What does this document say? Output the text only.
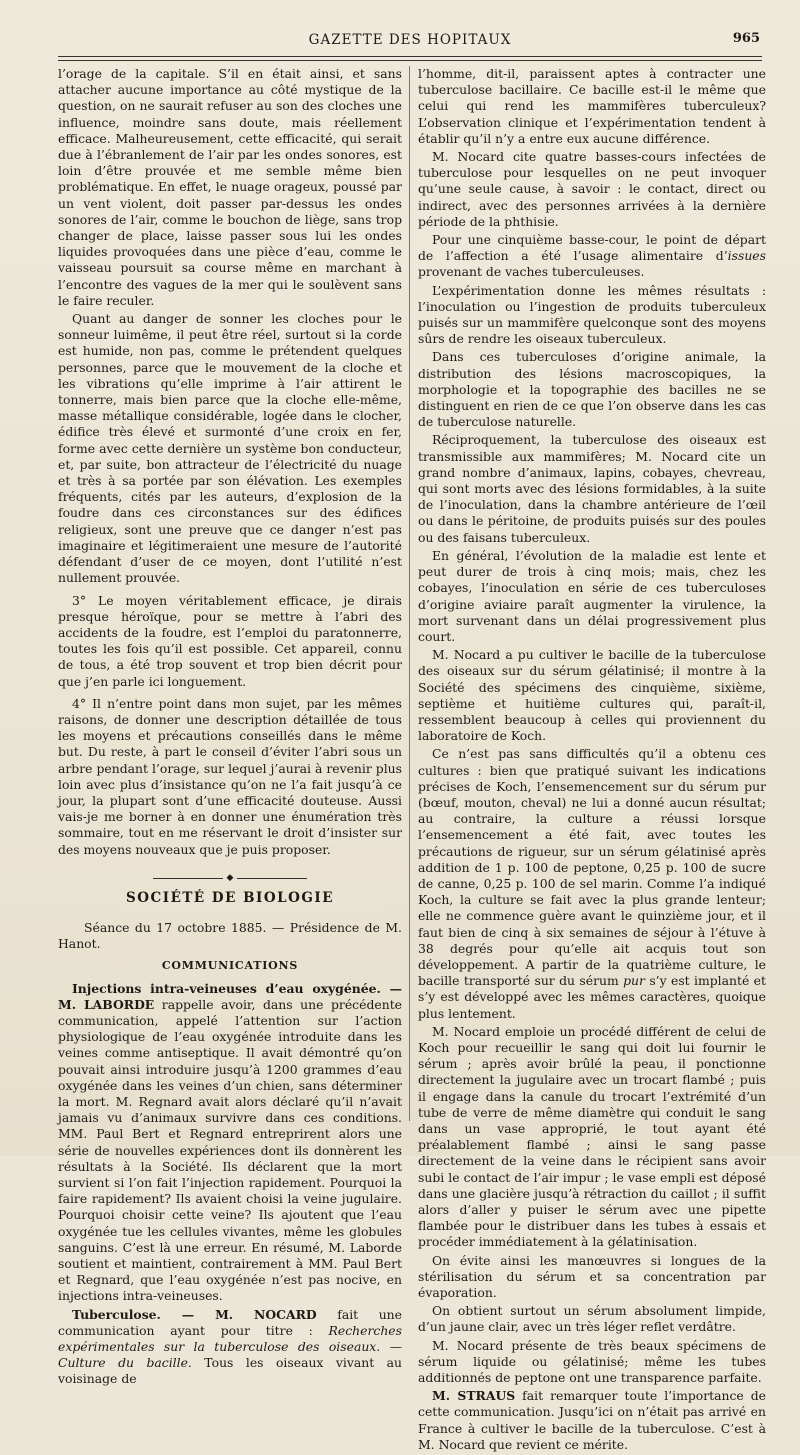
GAZETTE DES HOPITAUX	965

l’orage de la capitale. S’il en était ainsi, et sans attacher aucune importance au côté mystique de la question, on ne saurait refuser au son des cloches une influence, moindre sans doute, mais réellement efficace. Malheureusement, cette efficacité, qui serait due à l’ébranlement de l’air par les ondes sonores, est loin d’être prouvée et me semble même bien problématique. En effet, le nuage orageux, poussé par un vent violent, doit passer par-dessus les ondes sonores de l’air, comme le bouchon de liège, sans trop changer de place, laisse passer sous lui les ondes liquides provoquées dans une pièce d’eau, comme le vaisseau poursuit sa course même en marchant à l’encontre des vagues de la mer qui le soulèvent sans le faire reculer.

Quant au danger de sonner les cloches pour le sonneur luimême, il peut être réel, surtout si la corde est humide, non pas, comme le prétendent quelques personnes, parce que le mouvement de la cloche et les vibrations qu’elle imprime à l’air attirent le tonnerre, mais bien parce que la cloche elle-même, masse métallique considérable, logée dans le clocher, édifice très élevé et surmonté d’une croix en fer, forme avec cette dernière un système bon conducteur, et, par suite, bon attracteur de l’électricité du nuage et très à sa portée par son élévation. Les exemples fréquents, cités par les auteurs, d’explosion de la foudre dans ces circonstances sur des édifices religieux, sont une preuve que ce danger n’est pas imaginaire et légitimeraient une mesure de l’autorité défendant d’user de ce moyen, dont l’utilité n’est nullement prouvée.

3° Le moyen véritablement efficace, je dirais presque héroïque, pour se mettre à l’abri des accidents de la foudre, est l’emploi du paratonnerre, toutes les fois qu’il est possible. Cet appareil, connu de tous, a été trop souvent et trop bien décrit pour que j’en parle ici longuement.

4° Il n’entre point dans mon sujet, par les mêmes raisons, de donner une description détaillée de tous les moyens et précautions conseillés dans le même but. Du reste, à part le conseil d’éviter l’abri sous un arbre pendant l’orage, sur lequel j’aurai à revenir plus loin avec plus d’insistance qu’on ne l’a fait jusqu’à ce jour, la plupart sont d’une efficacité douteuse. Aussi vais-je me borner à en donner une énumération très sommaire, tout en me réservant le droit d’insister sur des moyens nouveaux que je puis proposer.

◆
SOCIÉTÉ DE BIOLOGIE

Séance du 17 octobre 1885. — Présidence de M. Hanot.

COMMUNICATIONS

Injections intra-veineuses d’eau oxygénée. — M. LABORDE rappelle avoir, dans une précédente communication, appelé l’attention sur l’action physiologique de l’eau oxygénée introduite dans les veines comme antiseptique. Il avait démontré qu’on pouvait ainsi introduire jusqu’à 1200 grammes d’eau oxygénée dans les veines d’un chien, sans déterminer la mort. M. Regnard avait alors déclaré qu’il n’avait jamais vu d’animaux survivre dans ces conditions. MM. Paul Bert et Regnard entreprirent alors une série de nouvelles expériences dont ils donnèrent les résultats à la Société. Ils déclarent que la mort survient si l’on fait l’injection rapidement. Pourquoi la faire rapidement? Ils avaient choisi la veine jugulaire. Pourquoi choisir cette veine? Ils ajoutent que l’eau oxygénée tue les cellules vivantes, même les globules sanguins. C’est là une erreur. En résumé, M. Laborde soutient et maintient, contrairement à MM. Paul Bert et Regnard, que l’eau oxygénée n’est pas nocive, en injections intra-veineuses.

Tuberculose. — M. NOCARD fait une communication ayant pour titre : Recherches expérimentales sur la tuberculose des oiseaux. — Culture du bacille. Tous les oiseaux vivant au voisinage de

l’homme, dit-il, paraissent aptes à contracter une tuberculose bacillaire. Ce bacille est-il le même que celui qui rend les mammifères tuberculeux? L’observation clinique et l’expérimentation tendent à établir qu’il n’y a entre eux aucune différence.

M. Nocard cite quatre basses-cours infectées de tuberculose pour lesquelles on ne peut invoquer qu’une seule cause, à savoir : le contact, direct ou indirect, avec des personnes arrivées à la dernière période de la phthisie.

Pour une cinquième basse-cour, le point de départ de l’affection a été l’usage alimentaire d’issues provenant de vaches tuberculeuses.

L’expérimentation donne les mêmes résultats : l’inoculation ou l’ingestion de produits tuberculeux puisés sur un mammifère quelconque sont des moyens sûrs de rendre les oiseaux tuberculeux.

Dans ces tuberculoses d’origine animale, la distribution des lésions macroscopiques, la morphologie et la topographie des bacilles ne se distinguent en rien de ce que l’on observe dans les cas de tuberculose naturelle.

Réciproquement, la tuberculose des oiseaux est transmissible aux mammifères; M. Nocard cite un grand nombre d’animaux, lapins, cobayes, chevreau, qui sont morts avec des lésions formidables, à la suite de l’inoculation, dans la chambre antérieure de l’œil ou dans le péritoine, de produits puisés sur des poules ou des faisans tuberculeux.

En général, l’évolution de la maladie est lente et peut durer de trois à cinq mois; mais, chez les cobayes, l’inoculation en série de ces tuberculoses d’origine aviaire paraît augmenter la virulence, la mort survenant dans un délai progressivement plus court.

M. Nocard a pu cultiver le bacille de la tuberculose des oiseaux sur du sérum gélatinisé; il montre à la Société des spécimens des cinquième, sixième, septième et huitième cultures qui, paraît-il, ressemblent beaucoup à celles qui proviennent du laboratoire de Koch.

Ce n’est pas sans difficultés qu’il a obtenu ces cultures : bien que pratiqué suivant les indications précises de Koch, l’ensemencement sur du sérum pur (bœuf, mouton, cheval) ne lui a donné aucun résultat; au contraire, la culture a réussi lorsque l’ensemencement a été fait, avec toutes les précautions de rigueur, sur un sérum gélatinisé après addition de 1 p. 100 de peptone, 0,25 p. 100 de sucre de canne, 0,25 p. 100 de sel marin. Comme l’a indiqué Koch, la culture se fait avec la plus grande lenteur; elle ne commence guère avant le quinzième jour, et il faut bien de cinq à six semaines de séjour à l’étuve à 38 degrés pour qu’elle ait acquis tout son développement. A partir de la quatrième culture, le bacille transporté sur du sérum pur s’y est implanté et s’y est développé avec les mêmes caractères, quoique plus lentement.

M. Nocard emploie un procédé différent de celui de Koch pour recueillir le sang qui doit lui fournir le sérum ; après avoir brûlé la peau, il ponctionne directement la jugulaire avec un trocart flambé ; puis il engage dans la canule du trocart l’extrémité d’un tube de verre de même diamètre qui conduit le sang dans un vase approprié, le tout ayant été préalablement flambé ; ainsi le sang passe directement de la veine dans le récipient sans avoir subi le contact de l’air impur ; le vase empli est déposé dans une glacière jusqu’à rétraction du caillot ; il suffit alors d’aller y puiser le sérum avec une pipette flambée pour le distribuer dans les tubes à essais et procéder immédiatement à la gélatinisation.

On évite ainsi les manœuvres si longues de la stérilisation du sérum et sa concentration par évaporation.

On obtient surtout un sérum absolument limpide, d’un jaune clair, avec un très léger reflet verdâtre.

M. Nocard présente de très beaux spécimens de sérum liquide ou gélatinisé; même les tubes additionnés de peptone ont une transparence parfaite.

M. STRAUS fait remarquer toute l’importance de cette communication. Jusqu’ici on n’était pas arrivé en France à cultiver le bacille de la tuberculose. C’est à M. Nocard que revient ce mérite.
